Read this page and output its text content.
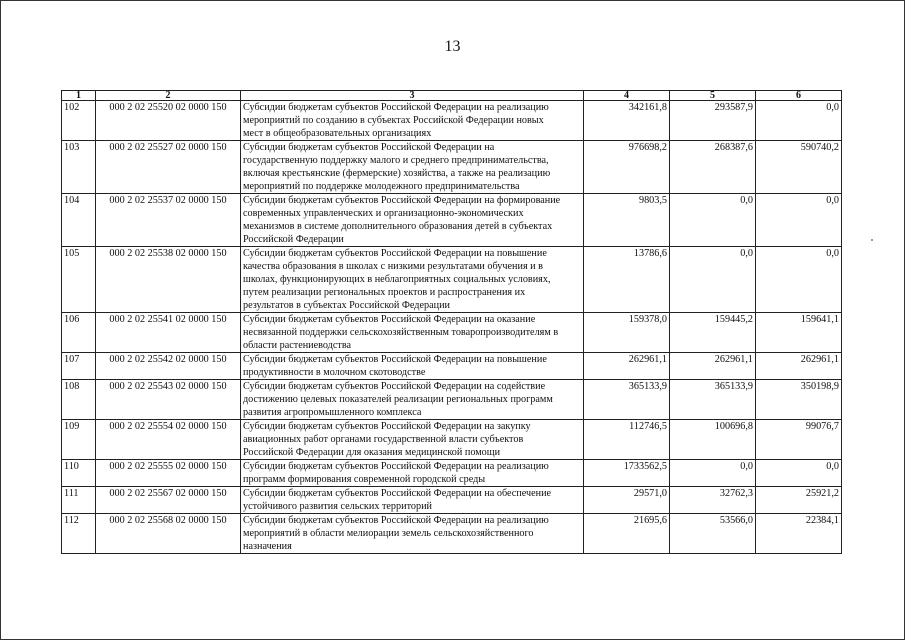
13
1	2	3	4	5	6
102	000 2 02 25520 02 0000 150	Субсидии бюджетам субъектов Российской Федерации на реализацию
мероприятий по созданию в субъектах Российской Федерации новых
мест в общеобразовательных организациях	342161,8	293587,9	0,0
103	000 2 02 25527 02 0000 150	Субсидии бюджетам субъектов Российской Федерации на
государственную поддержку малого и среднего предпринимательства,
включая крестьянские (фермерские) хозяйства, а также на реализацию
мероприятий по поддержке молодежного предпринимательства	976698,2	268387,6	590740,2
104	000 2 02 25537 02 0000 150	Субсидии бюджетам субъектов Российской Федерации на формирование
современных управленческих и организационно-экономических
механизмов в системе дополнительного образования детей в субъектах
Российской Федерации	9803,5	0,0	0,0
105	000 2 02 25538 02 0000 150	Субсидии бюджетам субъектов Российской Федерации на повышение
качества образования в школах с низкими результатами обучения и в
школах, функционирующих в неблагоприятных социальных условиях,
путем реализации региональных проектов и распространения их
результатов в субъектах Российской Федерации	13786,6	0,0	0,0
106	000 2 02 25541 02 0000 150	Субсидии бюджетам субъектов Российской Федерации на оказание
несвязанной поддержки сельскохозяйственным товаропроизводителям в
области растениеводства	159378,0	159445,2	159641,1
107	000 2 02 25542 02 0000 150	Субсидии бюджетам субъектов Российской Федерации на повышение
продуктивности в молочном скотоводстве	262961,1	262961,1	262961,1
108	000 2 02 25543 02 0000 150	Субсидии бюджетам субъектов Российской Федерации на содействие
достижению целевых показателей реализации региональных программ
развития агропромышленного комплекса	365133,9	365133,9	350198,9
109	000 2 02 25554 02 0000 150	Субсидии бюджетам субъектов Российской Федерации на закупку
авиационных работ органами государственной власти субъектов
Российской Федерации для оказания медицинской помощи	112746,5	100696,8	99076,7
110	000 2 02 25555 02 0000 150	Субсидии бюджетам субъектов Российской Федерации на реализацию
программ формирования современной городской среды	1733562,5	0,0	0,0
111	000 2 02 25567 02 0000 150	Субсидии бюджетам субъектов Российской Федерации на обеспечение
устойчивого развития сельских территорий	29571,0	32762,3	25921,2
112	000 2 02 25568 02 0000 150	Субсидии бюджетам субъектов Российской Федерации на реализацию
мероприятий в области мелиорации земель сельскохозяйственного
назначения	21695,6	53566,0	22384,1
